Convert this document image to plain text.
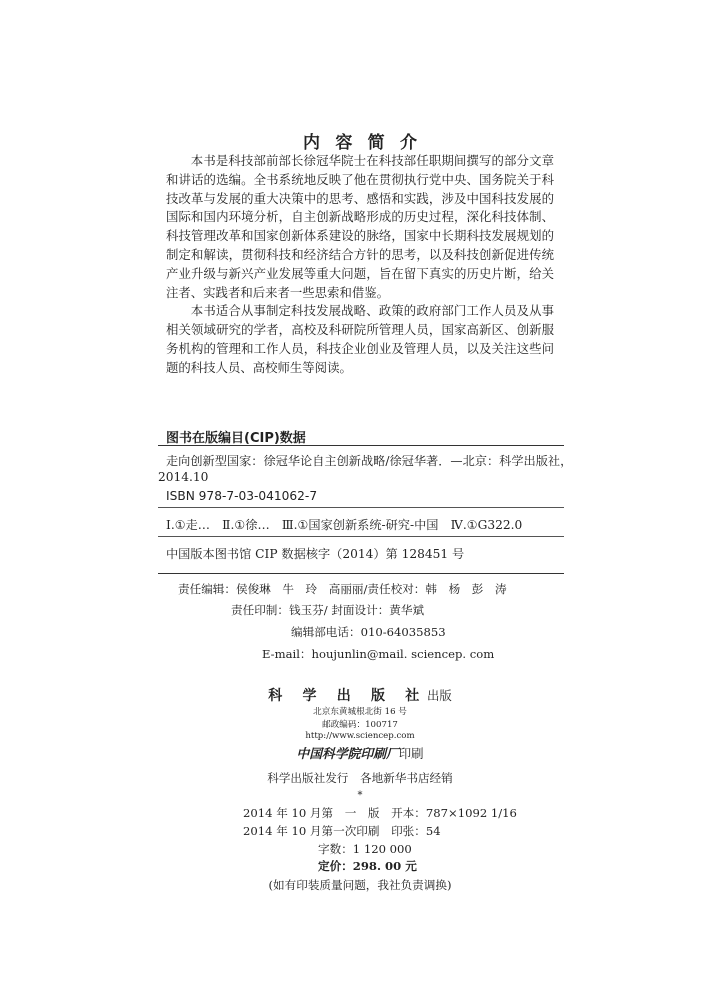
内容简介

本书是科技部前部长徐冠华院士在科技部任职期间撰写的部分文章和讲话的选编。全书系统地反映了他在贯彻执行党中央、国务院关于科技改革与发展的重大决策中的思考、感悟和实践，涉及中国科技发展的国际和国内环境分析，自主创新战略形成的历史过程，深化科技体制、科技管理改革和国家创新体系建设的脉络，国家中长期科技发展规划的制定和解读，贯彻科技和经济结合方针的思考，以及科技创新促进传统产业升级与新兴产业发展等重大问题，旨在留下真实的历史片断，给关注者、实践者和后来者一些思索和借鉴。

本书适合从事制定科技发展战略、政策的政府部门工作人员及从事相关领域研究的学者，高校及科研院所管理人员，国家高新区、创新服务机构的管理和工作人员，科技企业创业及管理人员，以及关注这些问题的科技人员、高校师生等阅读。

图书在版编目(CIP)数据
走向创新型国家：徐冠华论自主创新战略/徐冠华著．—北京：科学出版社，
2014.10
ISBN 978-7-03-041062-7
Ⅰ.①走…　Ⅱ.①徐…　Ⅲ.①国家创新系统-研究-中国　Ⅳ.①G322.0
中国版本图书馆 CIP 数据核字（2014）第 128451 号
责任编辑：侯俊琳　牛　玲　高丽丽/责任校对：韩　杨　彭　涛
责任印制：钱玉芬/ 封面设计：黄华斌
编辑部电话：010-64035853
E-mail：houjunlin@mail. sciencep. com
科 学 出 版 社出版
北京东黄城根北街 16 号
邮政编码：100717
http://www.sciencep.com
中国科学院印刷厂印刷
科学出版社发行　各地新华书店经销
*
2014 年 10 月第　一　版　开本：787×1092 1/16
2014 年 10 月第一次印刷　印张：54
字数：1 120 000
定价：298. 00 元
(如有印装质量问题，我社负责调换)
